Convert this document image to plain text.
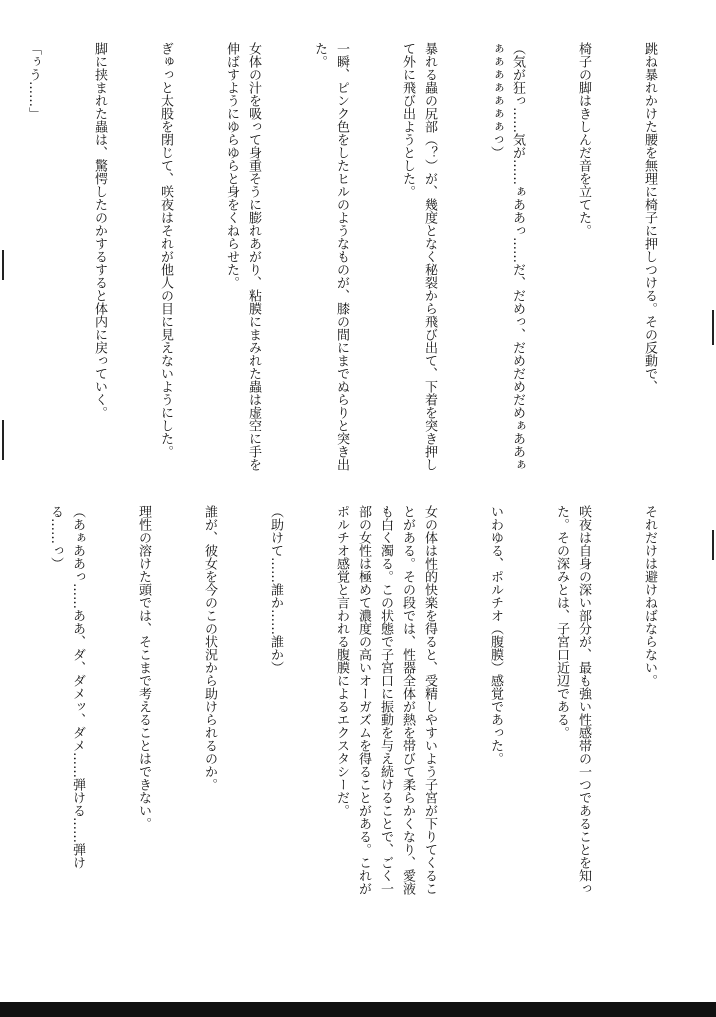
跳ね暴れかけた腰を無理に椅子に押しつける。その反動で、

椅子の脚はきしんだ音を立てた。

（気が狂っ……気が……ぁああっ……だ、だめっ、だめだめだめぁああぁぁぁぁぁぁぁぁっ）

暴れる蟲の尻部（？）が、幾度となく秘裂から飛び出て、下着を突き押して外に飛び出ようとした。

一瞬、ピンク色をしたヒルのようなものが、膝の間にまでぬらりと突き出た。

女体の汁を吸って身重そうに膨れあがり、粘膜にまみれた蟲は虚空に手を伸ばすようにゆらゆらと身をくねらせた。

ぎゅっと太股を閉じて、咲夜はそれが他人の目に見えないようにした。

脚に挟まれた蟲は、驚愕したのかするすると体内に戻っていく。

「ぅう……」

それだけは避けねばならない。

咲夜は自身の深い部分が、最も強い性感帯の一つであることを知った。その深みとは、子宮口近辺である。

いわゆる、ポルチオ（腹膜）感覚であった。

女の体は性的快楽を得ると、受精しやすいよう子宮が下りてくることがある。その段では、性器全体が熱を帯びて柔らかくなり、愛液も白く濁る。この状態で子宮口に振動を与え続けることで、ごく一部の女性は極めて濃度の高いオーガズムを得ることがある。これがポルチオ感覚と言われる腹膜によるエクスタシーだ。

（助けて……誰か……誰か）

誰が、彼女を今のこの状況から助けられるのか。

理性の溶けた頭では、そこまで考えることはできない。

（あぁああっ……ああ、ダ、ダメッ、ダメ……弾ける……弾ける……っ）
